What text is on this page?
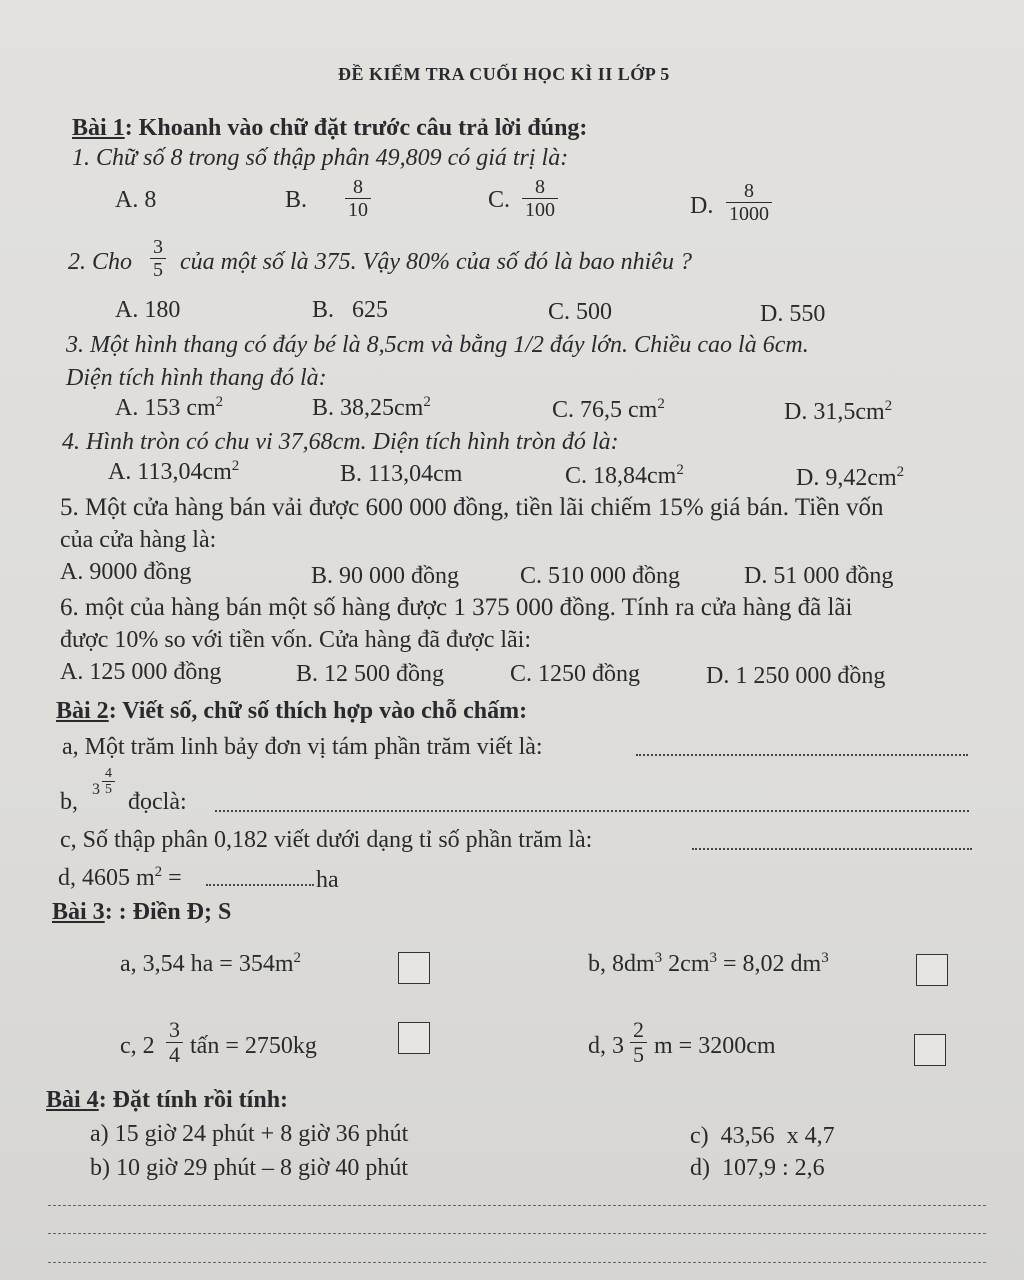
ĐỀ KIỂM TRA CUỐI HỌC KÌ II LỚP 5
Bài 1: Khoanh vào chữ đặt trước câu trả lời đúng:
1. Chữ số 8 trong số thập phân 49,809 có giá trị là:
A. 8	B. $\frac{8}{10}$	C. $\frac{8}{100}$	D. $\frac{8}{1000}$
2. Cho $\frac{3}{5}$ của một số là 375. Vậy 80% của số đó là bao nhiêu ?
A. 180	B.   625	C. 500	D. 550
3. Một hình thang có đáy bé là 8,5cm và bằng 1/2 đáy lớn. Chiều cao là 6cm.
Diện tích hình thang đó là:
A. 153 $cm^2$	B. $38,25cm^2$	C. 76,5 $cm^2$	D. $31,5cm^2$
4. Hình tròn có chu vi 37,68cm. Diện tích hình tròn đó là:
A. $113,04cm^2$	B. 113,04cm	C. $18,84cm^2$	D. $9,42cm^2$
5. Một cửa hàng bán vải được 600 000 đồng, tiền lãi chiếm 15% giá bán. Tiền vốn
của cửa hàng là:
A. 9000 đồng	B. 90 000 đồng	C. 510 000 đồng	D. 51 000 đồng
6. một của hàng bán một số hàng được 1 375 000 đồng. Tính ra cửa hàng đã lãi
được 10% so với tiền vốn. Cửa hàng đã được lãi:
A. 125 000 đồng	B. 12 500 đồng	C. 1250 đồng	D. 1 250 000 đồng
Bài 2: Viết số, chữ số thích hợp vào chỗ chấm:
a, Một trăm linh bảy đơn vị tám phần trăm viết là:
b, $3 \frac{4}{5}$
đọclà:
c, Số thập phân 0,182 viết dưới dạng tỉ số phần trăm là:
d, 4605 $m^2$ =	ha
Bài 3: : Điền Đ; S
a, 3,54 ha = $354m^2$	b, $8dm^3$ $2cm^3 = 8,02$ $dm^3$
c, $2 \frac{3}{4}$ tấn = 2750kg	d, $3 \frac{2}{5}$ m = 3200cm
Bài 4: Đặt tính rồi tính:
a) 15 giờ 24 phút + 8 giờ 36 phút
b) 10 giờ 29 phút – 8 giờ 40 phút
c)  43,56  x 4,7
d)  107,9 : 2,6
